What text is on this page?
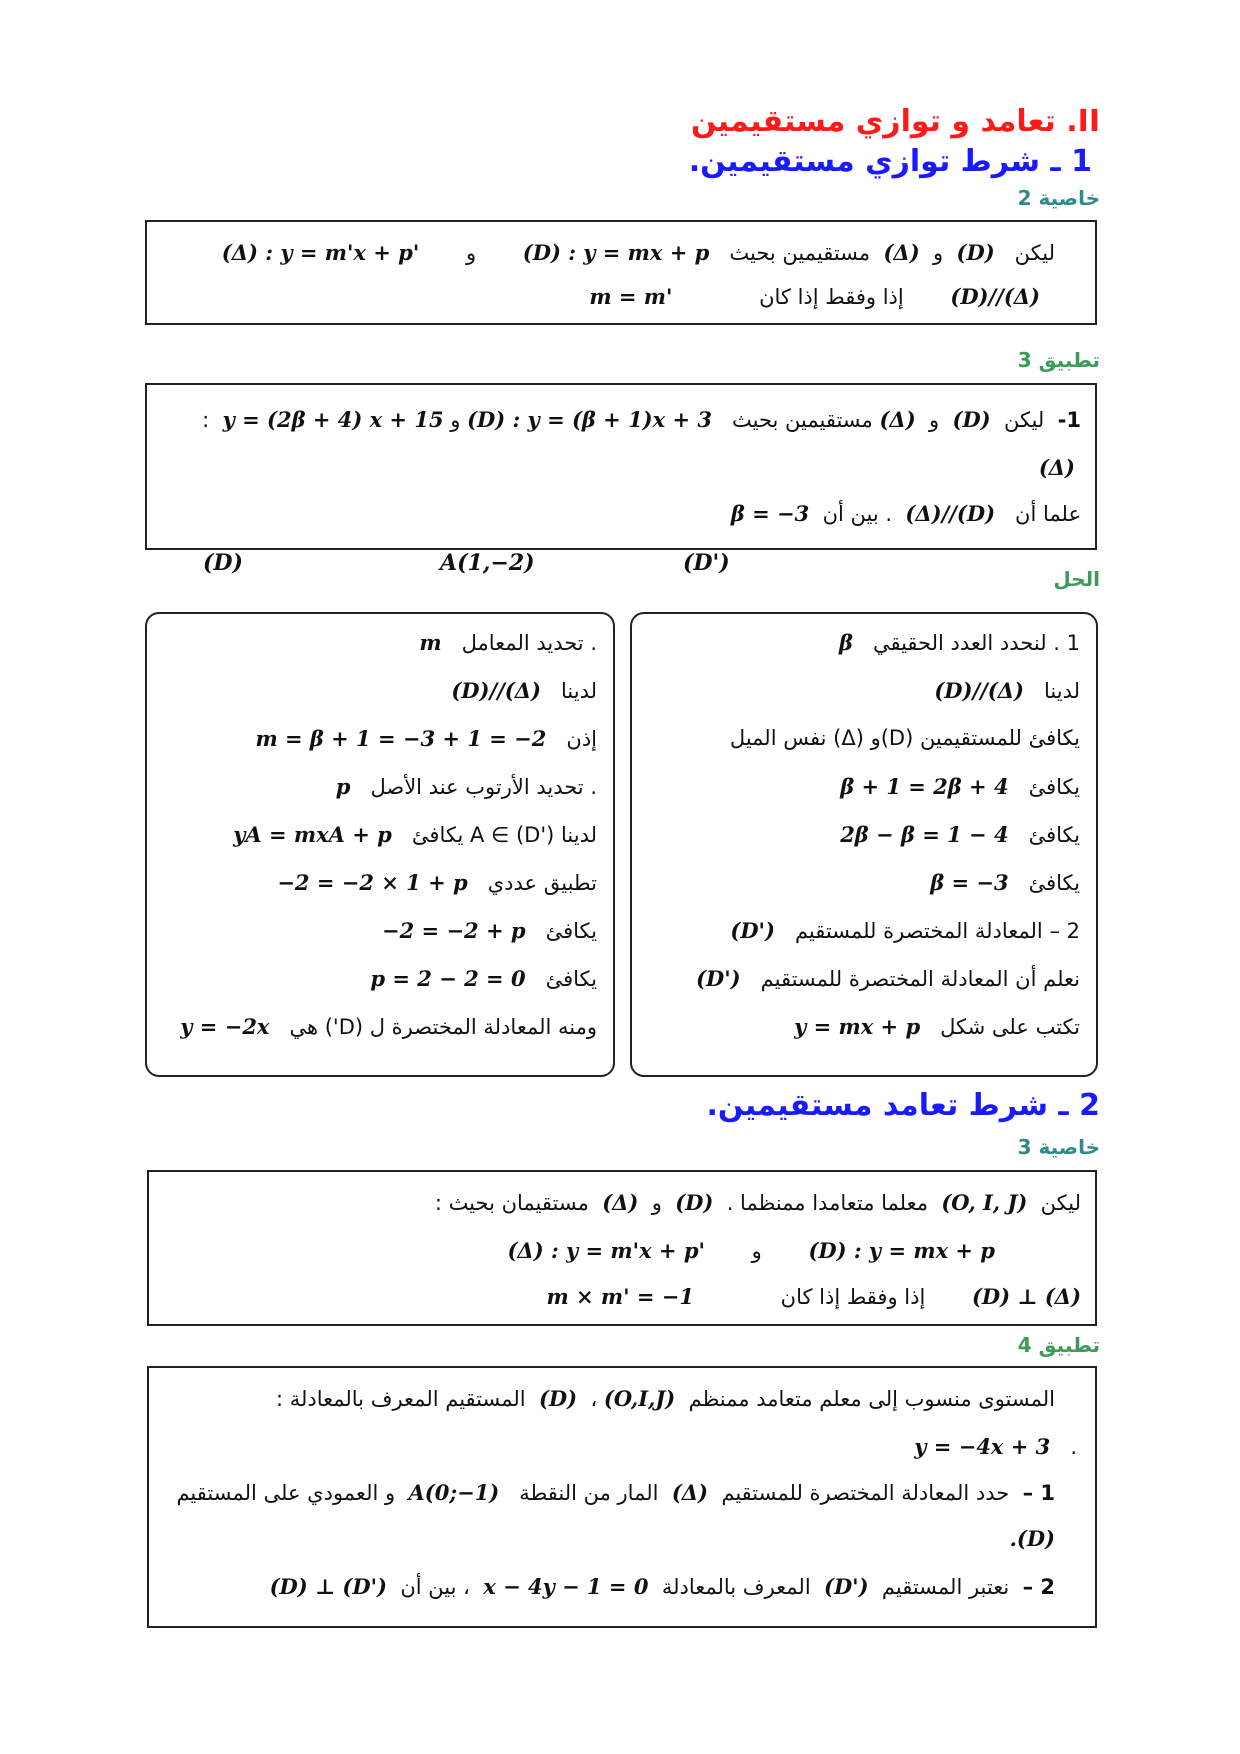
II. تعامد و توازي مستقيمين
1 ـ شرط توازي مستقيمين.
خاصية 2
ليكن   (D)  و  (Δ)  مستقيمين بحيث   (D) : y = mx + p و (Δ) : y = m'x + p'
(D)//(Δ) إذا وفقط إذا كان m = m'
تطبيق 3
1-  ليكن  (D)  و  (Δ) مستقيمين بحيث   (D) : y = (β + 1)x + 3 و y = (2β + 4) x + 15  :
(Δ)
علما أن   (Δ)//(D)  . بين أن  β = −3
(D)	A(1,−2)	(D')
الحل
1 . لنحدد العدد الحقيقي   β
لدينا   (D)//(Δ)
يكافئ للمستقيمين (D)و (Δ) نفس الميل
يكافئ   β + 1 = 2β + 4
يكافئ   2β − β = 1 − 4
يكافئ   β = −3
2 – المعادلة المختصرة للمستقيم   (D')
نعلم أن المعادلة المختصرة للمستقيم   (D')
تكتب على شكل   y = mx + p
. تحديد المعامل   m
لدينا   (D)//(Δ)
إذن   m = β + 1 = −3 + 1 = −2
. تحديد الأرتوب عند الأصل   p
لدينا A ∈ (D') يكافئ   yA = mxA + p
تطبيق عددي   −2 = −2 × 1 + p
يكافئ   −2 = −2 + p
يكافئ   p = 2 − 2 = 0
ومنه المعادلة المختصرة ل (D') هي   y = −2x
2 ـ شرط تعامد مستقيمين.
خاصية 3
ليكن  (O, I, J)  معلما متعامدا ممنظما .  (D)  و  (Δ)  مستقيمان بحيث :
(D) : y = mx + p و (Δ) : y = m'x + p'
(D) ⊥ (Δ) إذا وفقط إذا كان m × m' = −1
تطبيق 4
المستوى منسوب إلى معلم متعامد ممنظم  (O,I,J) ،  (D)  المستقيم المعرف بالمعادلة :
y = −4x + 3 .
1 –  حدد المعادلة المختصرة للمستقيم  (Δ)  المار من النقطة   A(0;−1)  و العمودي على المستقيم
.(D)
2 –  نعتبر المستقيم  (D')  المعرف بالمعادلة  x − 4y − 1 = 0  ، بين أن  (D) ⊥ (D')
